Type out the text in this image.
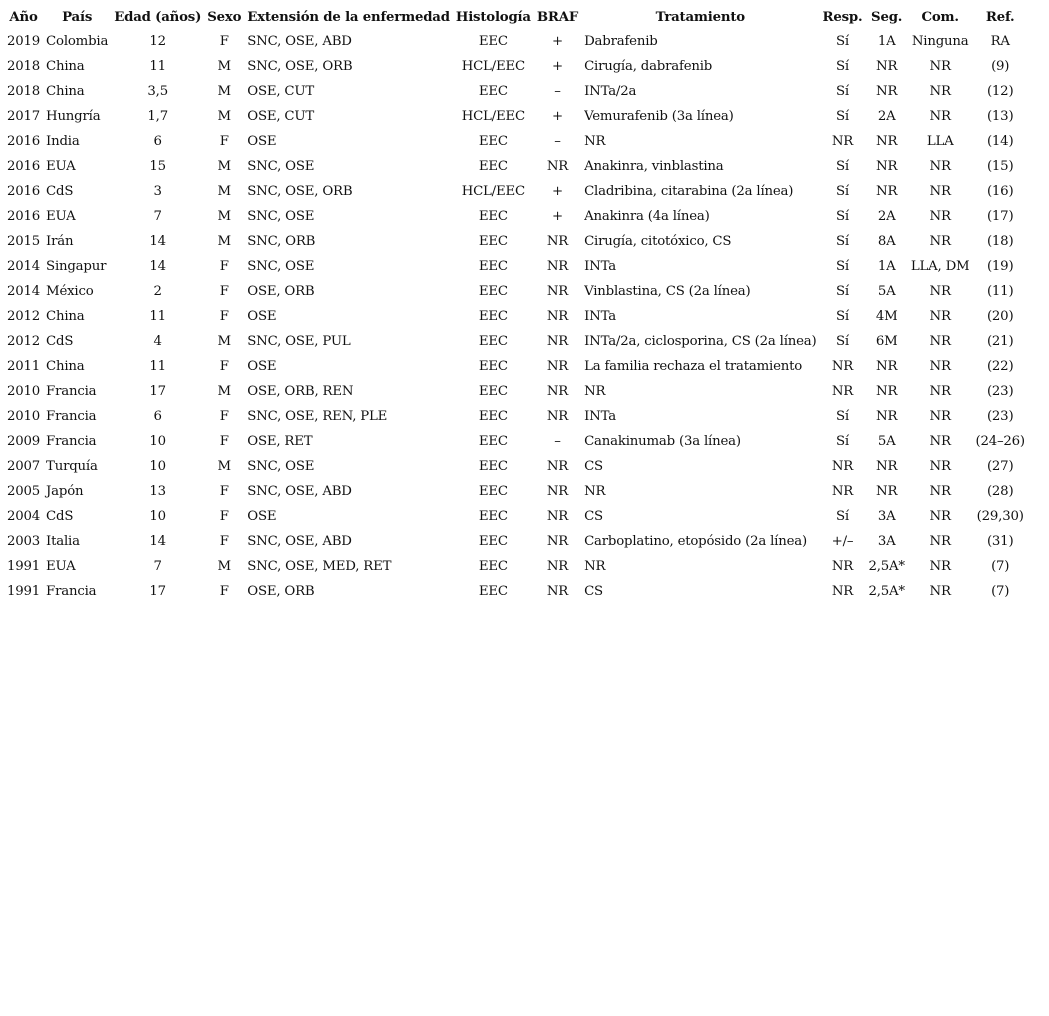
Año	País	Edad (años)	Sexo	Extensión de la enfermedad	Histología	BRAF	Tratamiento	Resp.	Seg.	Com.	Ref.
2019	Colombia	12	F	SNC, OSE, ABD	EEC	+	Dabrafenib	Sí	1A	Ninguna	RA
2018	China	11	M	SNC, OSE, ORB	HCL/EEC	+	Cirugía, dabrafenib	Sí	NR	NR	(9)
2018	China	3,5	M	OSE, CUT	EEC	–	INTa/2a	Sí	NR	NR	(12)
2017	Hungría	1,7	M	OSE, CUT	HCL/EEC	+	Vemurafenib (3a línea)	Sí	2A	NR	(13)
2016	India	6	F	OSE	EEC	–	NR	NR	NR	LLA	(14)
2016	EUA	15	M	SNC, OSE	EEC	NR	Anakinra, vinblastina	Sí	NR	NR	(15)
2016	CdS	3	M	SNC, OSE, ORB	HCL/EEC	+	Cladribina, citarabina (2a línea)	Sí	NR	NR	(16)
2016	EUA	7	M	SNC, OSE	EEC	+	Anakinra (4a línea)	Sí	2A	NR	(17)
2015	Irán	14	M	SNC, ORB	EEC	NR	Cirugía, citotóxico, CS	Sí	8A	NR	(18)
2014	Singapur	14	F	SNC, OSE	EEC	NR	INTa	Sí	1A	LLA, DM	(19)
2014	México	2	F	OSE, ORB	EEC	NR	Vinblastina, CS (2a línea)	Sí	5A	NR	(11)
2012	China	11	F	OSE	EEC	NR	INTa	Sí	4M	NR	(20)
2012	CdS	4	M	SNC, OSE, PUL	EEC	NR	INTa/2a, ciclosporina, CS (2a línea)	Sí	6M	NR	(21)
2011	China	11	F	OSE	EEC	NR	La familia rechaza el tratamiento	NR	NR	NR	(22)
2010	Francia	17	M	OSE, ORB, REN	EEC	NR	NR	NR	NR	NR	(23)
2010	Francia	6	F	SNC, OSE, REN, PLE	EEC	NR	INTa	Sí	NR	NR	(23)
2009	Francia	10	F	OSE, RET	EEC	–	Canakinumab (3a línea)	Sí	5A	NR	(24–26)
2007	Turquía	10	M	SNC, OSE	EEC	NR	CS	NR	NR	NR	(27)
2005	Japón	13	F	SNC, OSE, ABD	EEC	NR	NR	NR	NR	NR	(28)
2004	CdS	10	F	OSE	EEC	NR	CS	Sí	3A	NR	(29,30)
2003	Italia	14	F	SNC, OSE, ABD	EEC	NR	Carboplatino, etopósido (2a línea)	+/–	3A	NR	(31)
1991	EUA	7	M	SNC, OSE, MED, RET	EEC	NR	NR	NR	2,5A*	NR	(7)
1991	Francia	17	F	OSE, ORB	EEC	NR	CS	NR	2,5A*	NR	(7)
